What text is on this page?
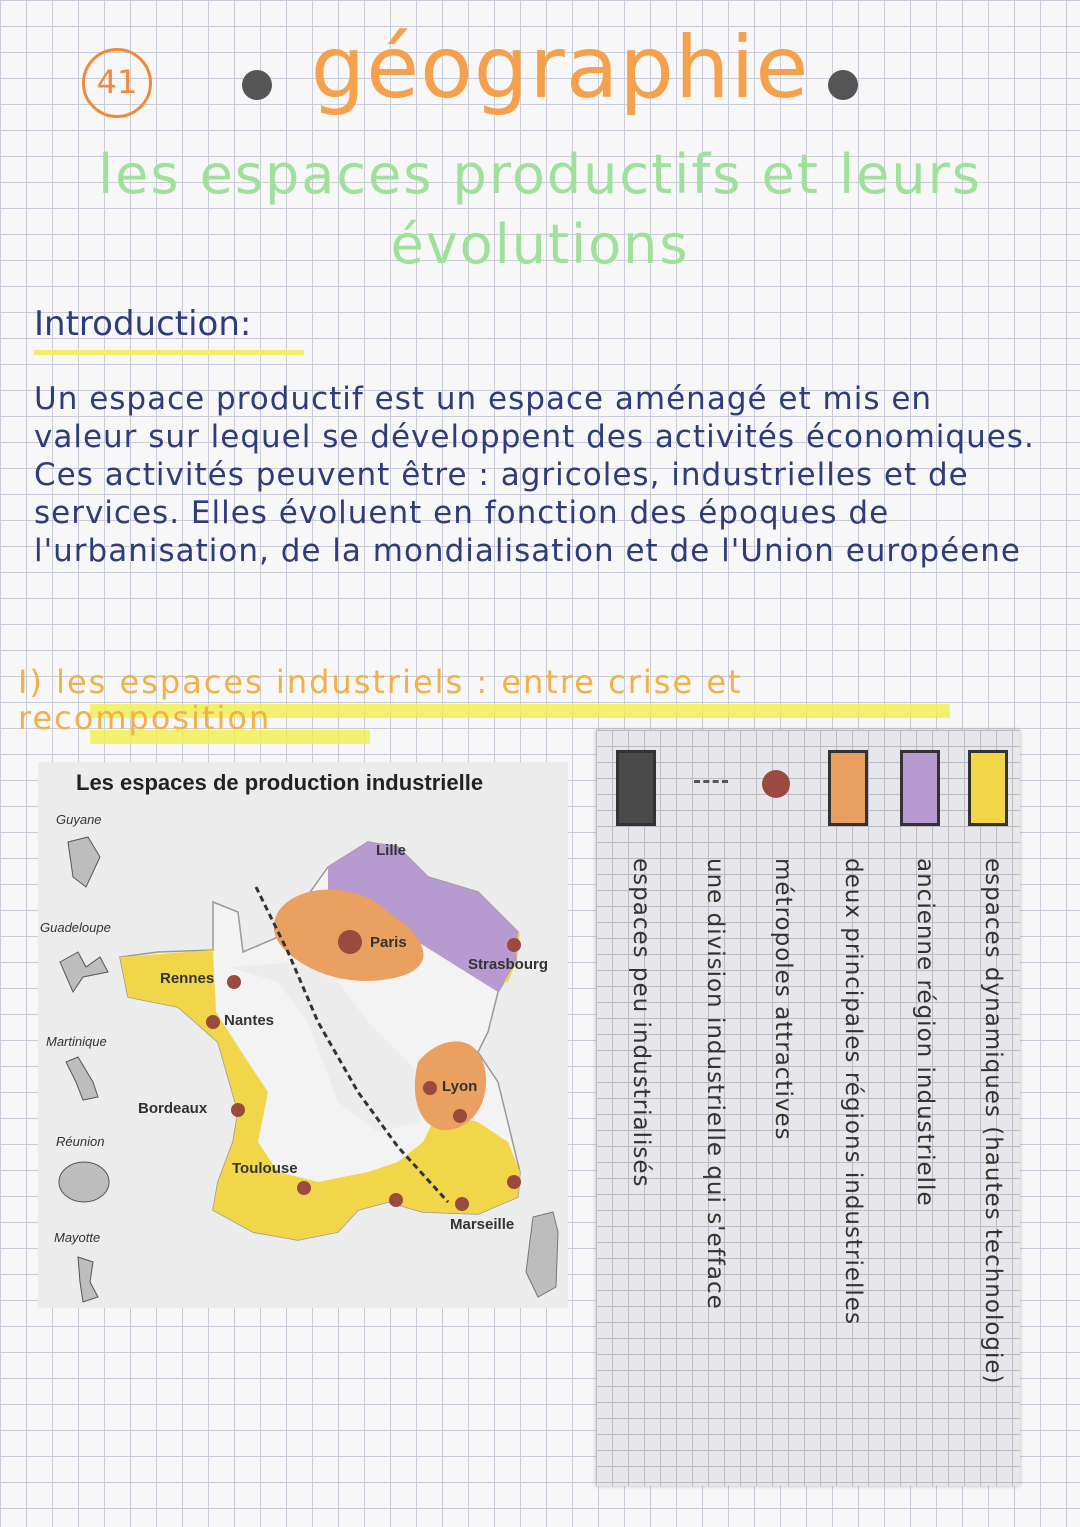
41 géographie
les espaces productifs et leurs évolutions
Introduction:
Un espace productif est un espace aménagé et mis en valeur sur lequel se développent des activités économiques. Ces activités peuvent être : agricoles, industrielles et de services. Elles évoluent en fonction des époques de l'urbanisation, de la mondialisation et de l'Union européene
I) les espaces industriels : entre crise et recomposition
Les espaces de production industrielle
Lille
Paris
Strasbourg
Rennes
Nantes
Lyon
Bordeaux
Toulouse
Marseille
Guyane
Guadeloupe
Martinique
Réunion
Mayotte	espaces dynamiques (hautes technologie)
ancienne région industrielle
deux principales régions industrielles
métropoles attractives
une division industrielle qui s'efface
espaces peu industrialisés
